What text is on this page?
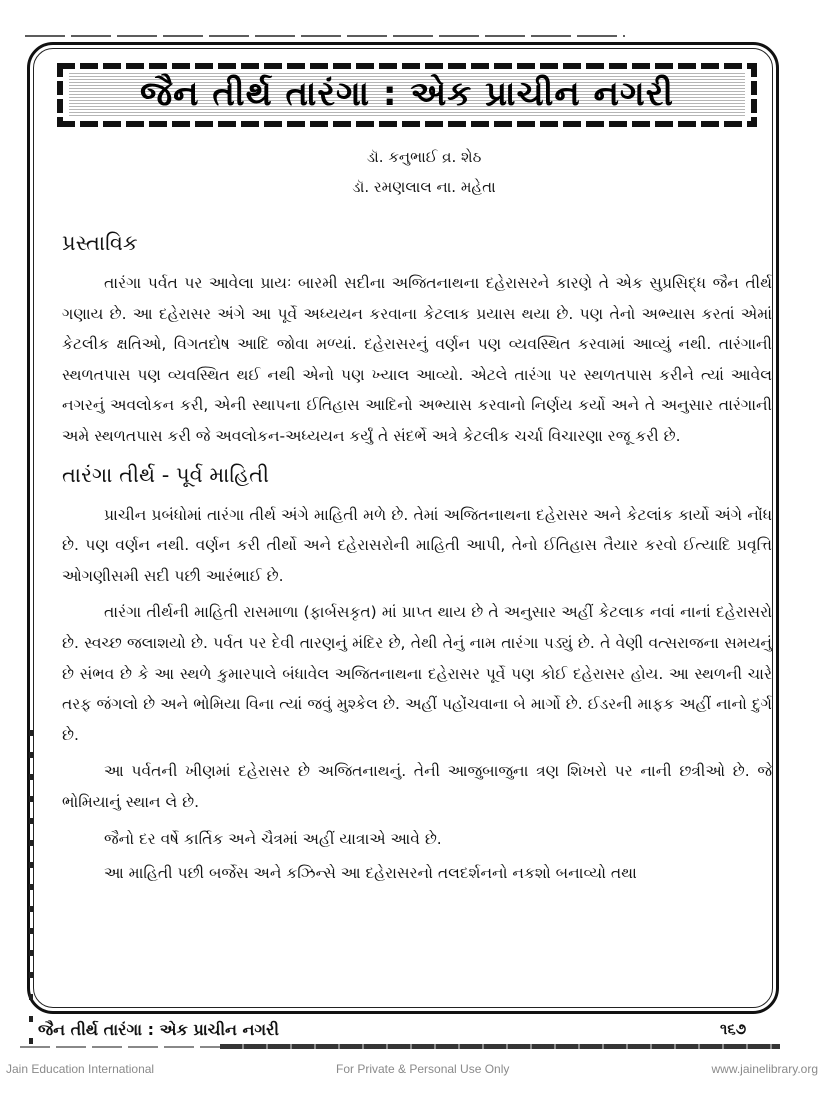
જૈન તીર્થ તારંગા : એક પ્રાચીન નગરી
ડૉ. કનુભાઈ વ્ર. શેઠ
ડૉ. રમણલાલ ના. મહેતા
પ્રસ્તાવિક

તારંગા પર્વત પર આવેલા પ્રાયઃ બારમી સદીના અજિતનાથના દહેરાસરને કારણે તે એક સુપ્રસિદ્ધ જૈન તીર્થ ગણાય છે. આ દહેરાસર અંગે આ પૂર્વે અધ્યયન કરવાના કેટલાક પ્રયાસ થયા છે. પણ તેનો અભ્યાસ કરતાં એમાં કેટલીક ક્ષતિઓ, વિગતદોષ આદિ જોવા મળ્યાં. દહેરાસરનું વર્ણન પણ વ્યવસ્થિત કરવામાં આવ્યું નથી. તારંગાની સ્થળતપાસ પણ વ્યવસ્થિત થઈ નથી એનો પણ ખ્યાલ આવ્યો. એટલે તારંગા પર સ્થળતપાસ કરીને ત્યાં આવેલ નગરનું અવલોકન કરી, એની સ્થાપના ઈતિહાસ આદિનો અભ્યાસ કરવાનો નિર્ણય કર્યો અને તે અનુસાર તારંગાની અમે સ્થળતપાસ કરી જે અવલોકન-અધ્યયન કર્યું તે સંદર્ભે અત્રે કેટલીક ચર્ચા વિચારણા રજૂ કરી છે.

તારંગા તીર્થ - પૂર્વ માહિતી

પ્રાચીન પ્રબંધોમાં તારંગા તીર્થ અંગે માહિતી મળે છે. તેમાં અજિતનાથના દહેરાસર અને કેટલાંક કાર્યો અંગે નોંધ છે. પણ વર્ણન નથી. વર્ણન કરી તીર્થો અને દહેરાસરોની માહિતી આપી, તેનો ઈતિહાસ તૈયાર કરવો ઈત્યાદિ પ્રવૃત્તિ ઓગણીસમી સદી પછી આરંભાઈ છે.

તારંગા તીર્થની માહિતી રાસમાળા (ફાર્બસકૃત) માં પ્રાપ્ત થાય છે તે અનુસાર અહીં કેટલાક નવાં નાનાં દહેરાસરો છે. સ્વચ્છ જલાશયો છે. પર્વત પર દેવી તારણનું મંદિર છે, તેથી તેનું નામ તારંગા પડ્યું છે. તે વેણી વત્સરાજના સમયનું છે સંભવ છે કે આ સ્થળે કુમારપાલે બંધાવેલ અજિતનાથના દહેરાસર પૂર્વે પણ કોઈ દહેરાસર હોય. આ સ્થળની ચારે તરફ જંગલો છે અને ભોમિયા વિના ત્યાં જવું મુશ્કેલ છે. અહીં પહોંચવાના બે માર્ગો છે. ઈડરની માફક અહીં નાનો દુર્ગ છે.

આ પર્વતની ખીણમાં દહેરાસર છે અજિતનાથનું. તેની આજુબાજુના ત્રણ શિખરો પર નાની છત્રીઓ છે. જે ભોમિયાનું સ્થાન લે છે.

જૈનો દર વર્ષે કાર્તિક અને ચૈત્રમાં અહીં યાત્રાએ આવે છે.

આ માહિતી પછી બર્જેસ અને કઝિન્સે આ દહેરાસરનો તલદર્શનનો નકશો બનાવ્યો તથા

જૈન તીર્થ તારંગા : એક પ્રાચીન નગરી	૧૬૭
Jain Education International	For Private & Personal Use Only	www.jainelibrary.org
